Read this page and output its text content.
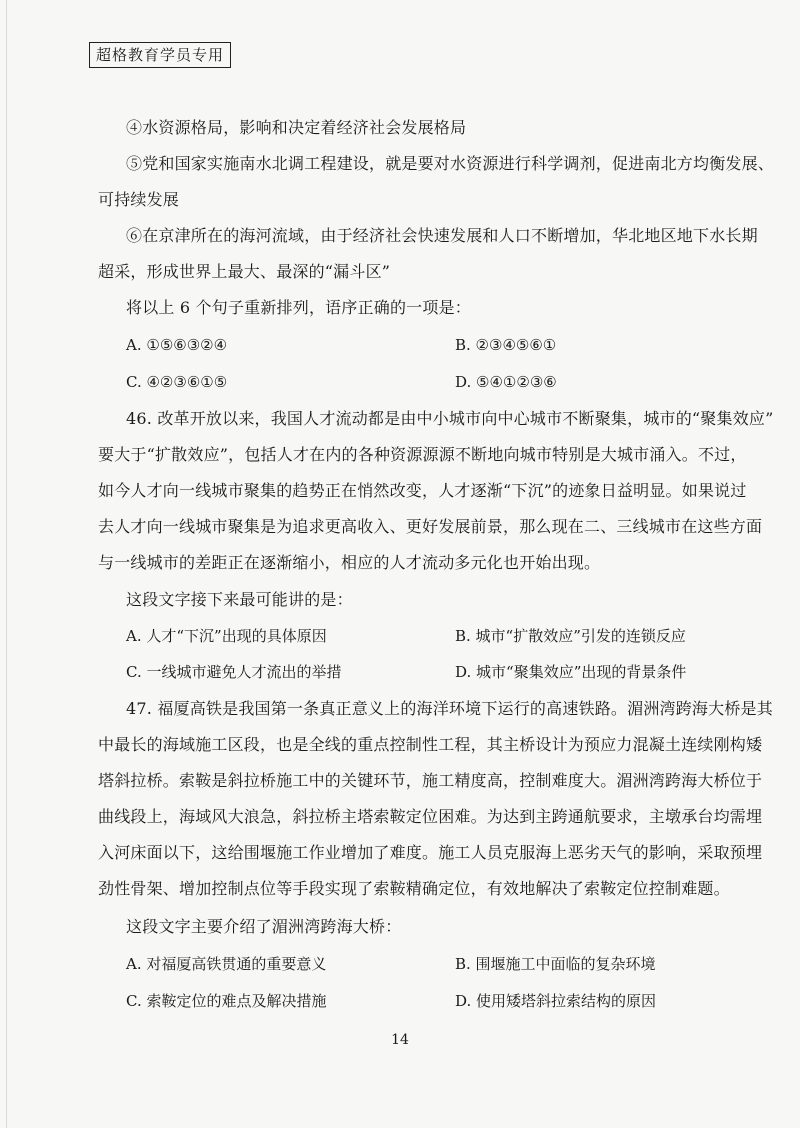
超格教育学员专用
④水资源格局，影响和决定着经济社会发展格局
⑤党和国家实施南水北调工程建设，就是要对水资源进行科学调剂，促进南北方均衡发展、
可持续发展
⑥在京津所在的海河流域，由于经济社会快速发展和人口不断增加，华北地区地下水长期
超采，形成世界上最大、最深的“漏斗区”
将以上 6 个句子重新排列，语序正确的一项是：
A. ①⑤⑥③②④	B. ②③④⑤⑥①
C. ④②③⑥①⑤	D. ⑤④①②③⑥
46. 改革开放以来，我国人才流动都是由中小城市向中心城市不断聚集，城市的“聚集效应”
要大于“扩散效应”，包括人才在内的各种资源源源不断地向城市特别是大城市涌入。不过，
如今人才向一线城市聚集的趋势正在悄然改变，人才逐渐“下沉”的迹象日益明显。如果说过
去人才向一线城市聚集是为追求更高收入、更好发展前景，那么现在二、三线城市在这些方面
与一线城市的差距正在逐渐缩小，相应的人才流动多元化也开始出现。
这段文字接下来最可能讲的是：
A. 人才“下沉”出现的具体原因	B. 城市“扩散效应”引发的连锁反应
C. 一线城市避免人才流出的举措	D. 城市“聚集效应”出现的背景条件
47. 福厦高铁是我国第一条真正意义上的海洋环境下运行的高速铁路。湄洲湾跨海大桥是其
中最长的海域施工区段，也是全线的重点控制性工程，其主桥设计为预应力混凝土连续刚构矮
塔斜拉桥。索鞍是斜拉桥施工中的关键环节，施工精度高，控制难度大。湄洲湾跨海大桥位于
曲线段上，海域风大浪急，斜拉桥主塔索鞍定位困难。为达到主跨通航要求，主墩承台均需埋
入河床面以下，这给围堰施工作业增加了难度。施工人员克服海上恶劣天气的影响，采取预埋
劲性骨架、增加控制点位等手段实现了索鞍精确定位，有效地解决了索鞍定位控制难题。
这段文字主要介绍了湄洲湾跨海大桥：
A. 对福厦高铁贯通的重要意义	B. 围堰施工中面临的复杂环境
C. 索鞍定位的难点及解决措施	D. 使用矮塔斜拉索结构的原因
14
